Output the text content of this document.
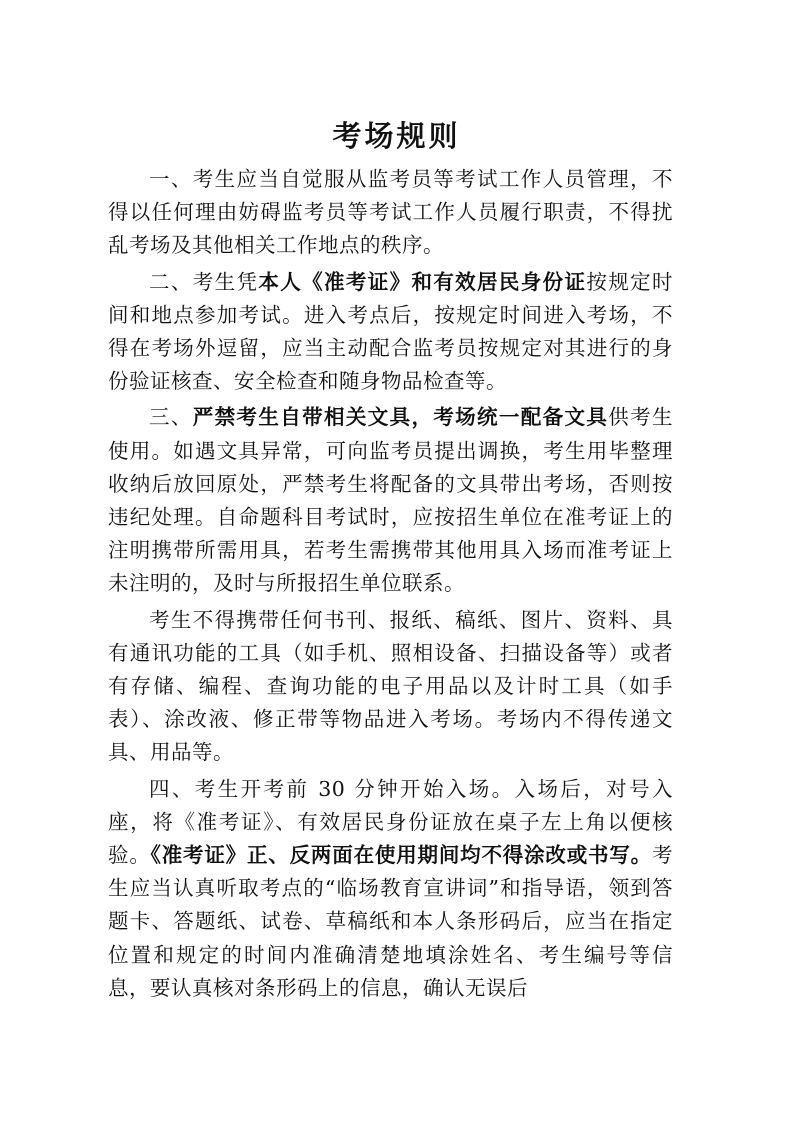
考场规则

一、考生应当自觉服从监考员等考试工作人员管理，不得以任何理由妨碍监考员等考试工作人员履行职责，不得扰乱考场及其他相关工作地点的秩序。

二、考生凭本人《准考证》和有效居民身份证按规定时间和地点参加考试。进入考点后，按规定时间进入考场，不得在考场外逗留，应当主动配合监考员按规定对其进行的身份验证核查、安全检查和随身物品检查等。

三、严禁考生自带相关文具，考场统一配备文具供考生使用。如遇文具异常，可向监考员提出调换，考生用毕整理收纳后放回原处，严禁考生将配备的文具带出考场，否则按违纪处理。自命题科目考试时，应按招生单位在准考证上的注明携带所需用具，若考生需携带其他用具入场而准考证上未注明的，及时与所报招生单位联系。

考生不得携带任何书刊、报纸、稿纸、图片、资料、具有通讯功能的工具（如手机、照相设备、扫描设备等）或者有存储、编程、查询功能的电子用品以及计时工具（如手表）、涂改液、修正带等物品进入考场。考场内不得传递文具、用品等。

四、考生开考前 30 分钟开始入场。入场后，对号入座，将《准考证》、有效居民身份证放在桌子左上角以便核验。《准考证》正、反两面在使用期间均不得涂改或书写。考生应当认真听取考点的“临场教育宣讲词”和指导语，领到答题卡、答题纸、试卷、草稿纸和本人条形码后，应当在指定位置和规定的时间内准确清楚地填涂姓名、考生编号等信息，要认真核对条形码上的信息，确认无误后
